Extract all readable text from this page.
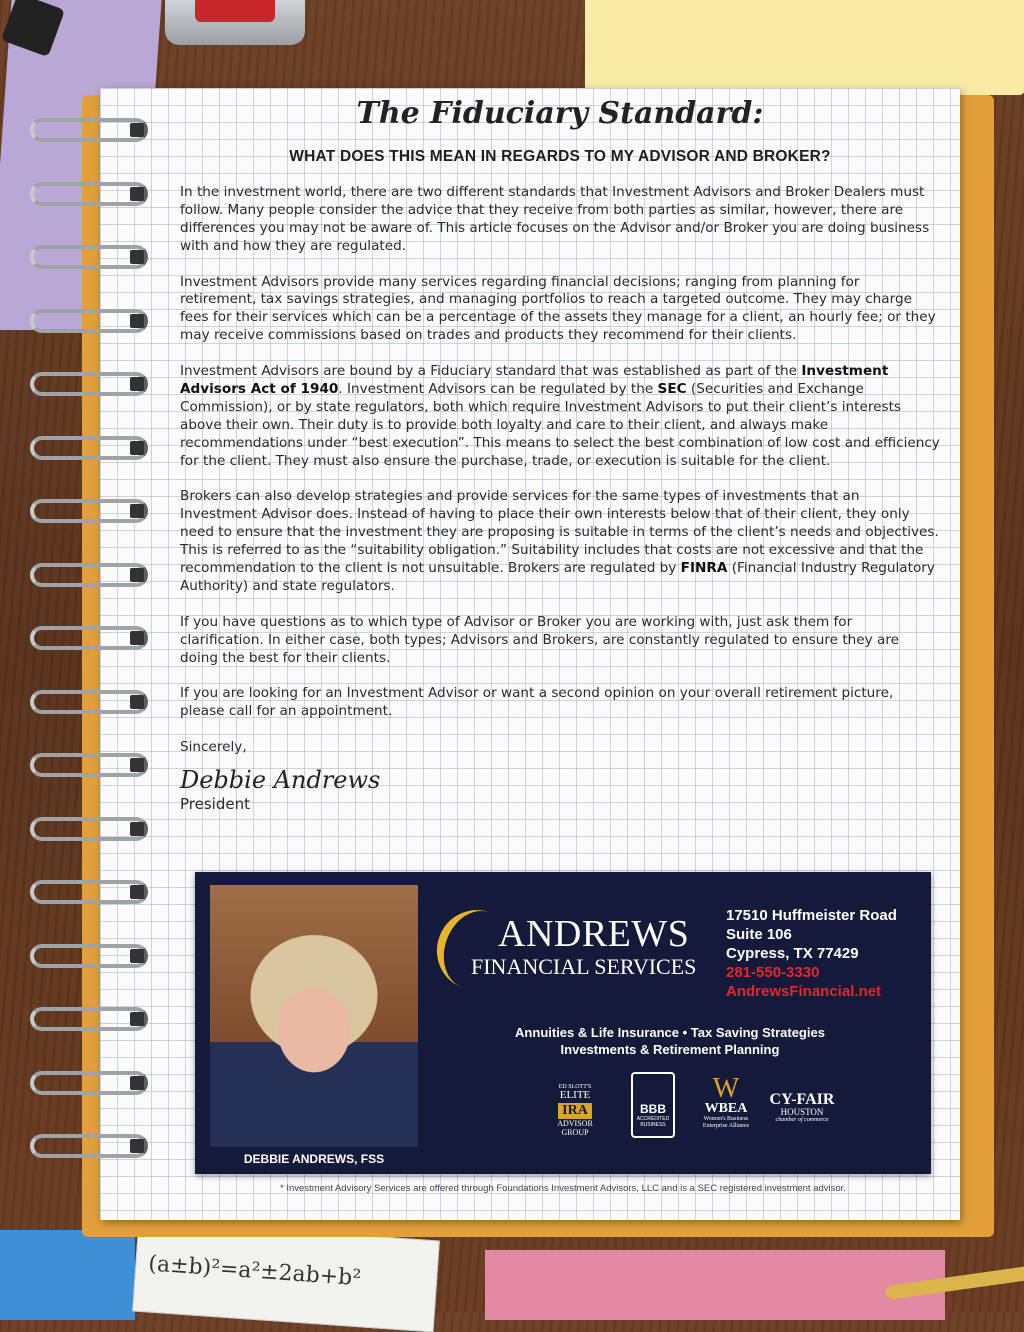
(a±b)²=a²±2ab+b²
The Fiduciary Standard:
WHAT DOES THIS MEAN IN REGARDS TO MY ADVISOR AND BROKER?

In the investment world, there are two different standards that Investment Advisors and Broker Dealers must follow. Many people consider the advice that they receive from both parties as similar, however, there are differences you may not be aware of. This article focuses on the Advisor and/or Broker you are doing business with and how they are regulated.

Investment Advisors provide many services regarding financial decisions; ranging from planning for retirement, tax savings strategies, and managing portfolios to reach a targeted outcome. They may charge fees for their services which can be a percentage of the assets they manage for a client, an hourly fee; or they may receive commissions based on trades and products they recommend for their clients.

Investment Advisors are bound by a Fiduciary standard that was established as part of the Investment Advisors Act of 1940. Investment Advisors can be regulated by the SEC (Securities and Exchange Commission), or by state regulators, both which require Investment Advisors to put their client’s interests above their own. Their duty is to provide both loyalty and care to their client, and always make recommendations under “best execution”. This means to select the best combination of low cost and efficiency for the client. They must also ensure the purchase, trade, or execution is suitable for the client.

Brokers can also develop strategies and provide services for the same types of investments that an Investment Advisor does. Instead of having to place their own interests below that of their client, they only need to ensure that the investment they are proposing is suitable in terms of the client’s needs and objectives. This is referred to as the “suitability obligation.” Suitability includes that costs are not excessive and that the recommendation to the client is not unsuitable. Brokers are regulated by FINRA (Financial Industry Regulatory Authority) and state regulators.

If you have questions as to which type of Advisor or Broker you are working with, just ask them for clarification. In either case, both types; Advisors and Brokers, are constantly regulated to ensure they are doing the best for their clients.

If you are looking for an Investment Advisor or want a second opinion on your overall retirement picture, please call for an appointment.

Sincerely,

Debbie Andrews

President

DEBBIE ANDREWS, FSS
ANDREWS
FINANCIAL SERVICES
17510 Huffmeister Road
Suite 106
Cypress, TX 77429
281-550-3330
AndrewsFinancial.net
Annuities & Life Insurance • Tax Saving Strategies
Investments & Retirement Planning
ED SLOTT'S
ELITE
IRA
ADVISOR GROUP
BBB
ACCREDITED BUSINESS
W
WBEA
Women's Business Enterprise Alliance
CY-FAIR
HOUSTON
chamber of commerce
* Investment Advisory Services are offered through Foundations Investment Advisors, LLC and is a SEC registered investment advisor.
